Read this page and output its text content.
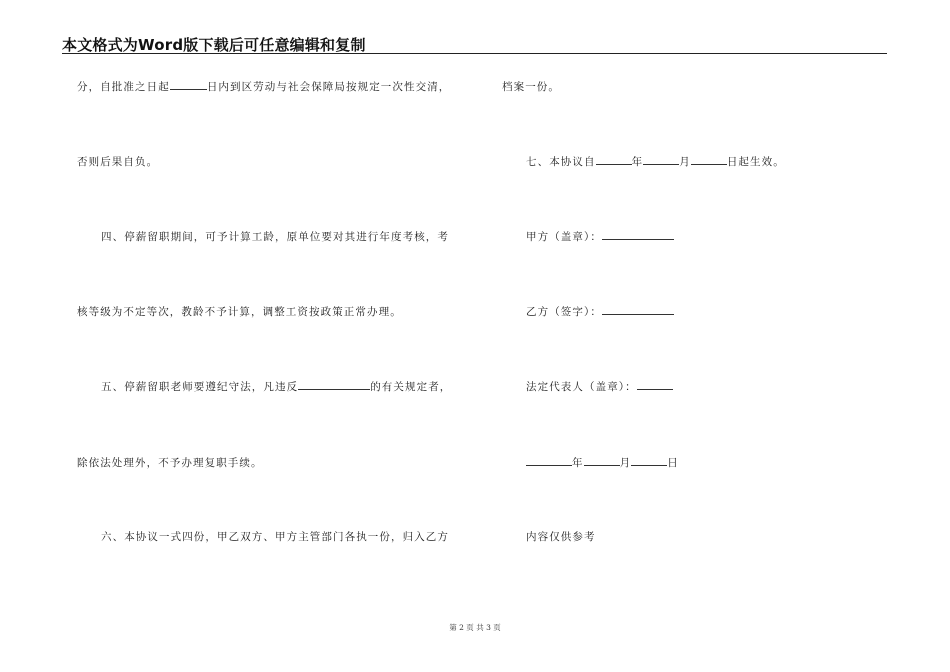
本文格式为Word版下载后可任意编辑和复制
分，自批准之日起	日内到区劳动与社会保障局按规定一次性交清，
否则后果自负。
四、停薪留职期间，可予计算工龄，原单位要对其进行年度考核，考
核等级为不定等次，教龄不予计算，调整工资按政策正常办理。
五、停薪留职老师要遵纪守法，凡违反	的有关规定者，
除依法处理外，不予办理复职手续。
六、本协议一式四份，甲乙双方、甲方主管部门各执一份，归入乙方
档案一份。
七、本协议自	年	月	日起生效。
甲方（盖章）：
乙方（签字）：
法定代表人（盖章）：
年	月	日
内容仅供参考
第 2 页 共 3 页
